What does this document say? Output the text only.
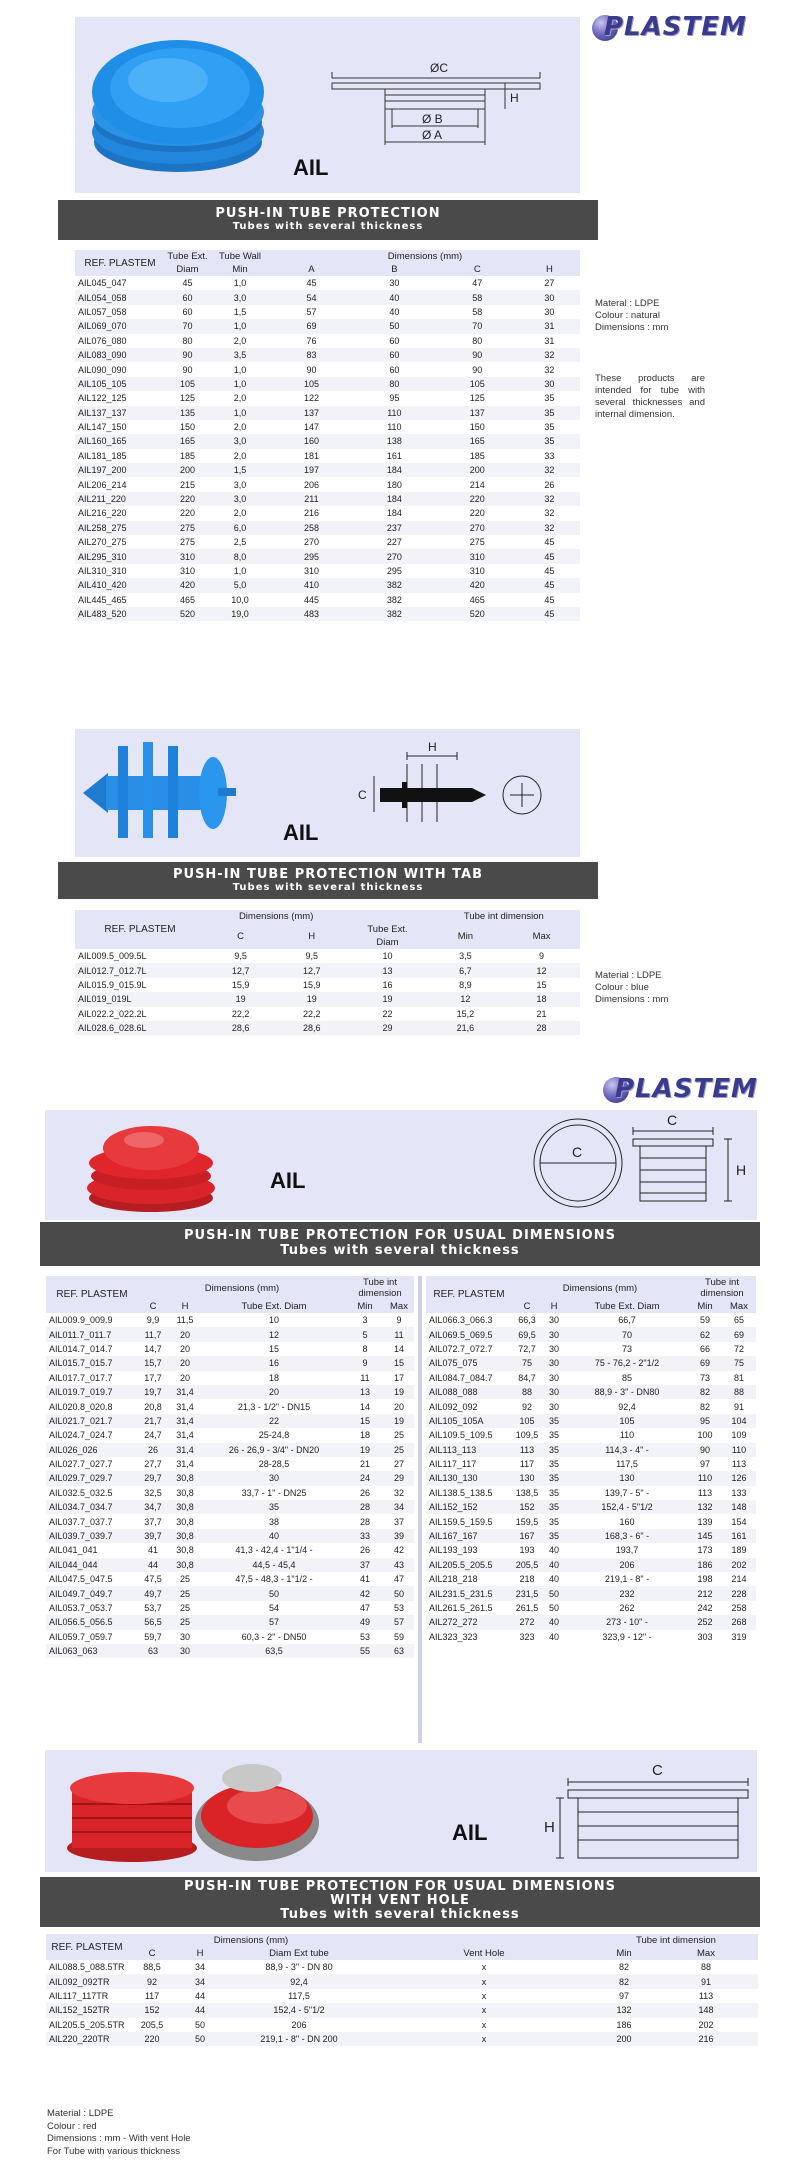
PLASTEM
AIL
ØC
H
Ø B
Ø A
PUSH-IN TUBE PROTECTION
Tubes with several thickness
REF. PLASTEM	Tube Ext.	Tube Wall	Dimensions (mm)			
	Diam	Min	A	B	C	H
AIL045_047	45	1,0	45	30	47	27
AIL054_058	60	3,0	54	40	58	30
AIL057_058	60	1,5	57	40	58	30
AIL069_070	70	1,0	69	50	70	31
AIL076_080	80	2,0	76	60	80	31
AIL083_090	90	3,5	83	60	90	32
AIL090_090	90	1,0	90	60	90	32
AIL105_105	105	1,0	105	80	105	30
AIL122_125	125	2,0	122	95	125	35
AIL137_137	135	1,0	137	110	137	35
AIL147_150	150	2,0	147	110	150	35
AIL160_165	165	3,0	160	138	165	35
AIL181_185	185	2,0	181	161	185	33
AIL197_200	200	1,5	197	184	200	32
AIL206_214	215	3,0	206	180	214	26
AIL211_220	220	3,0	211	184	220	32
AIL216_220	220	2,0	216	184	220	32
AIL258_275	275	6,0	258	237	270	32
AIL270_275	275	2,5	270	227	275	45
AIL295_310	310	8,0	295	270	310	45
AIL310_310	310	1,0	310	295	310	45
AIL410_420	420	5,0	410	382	420	45
AIL445_465	465	10,0	445	382	465	45
AIL483_520	520	19,0	483	382	520	45
Materal : LDPE
Colour : natural
Dimensions : mm
These products are intended for tube with several thicknesses and internal dimension.
AIL
H
C
PUSH-IN TUBE PROTECTION WITH TAB
Tubes with several thickness
REF. PLASTEM	Dimensions (mm)			Tube int dimension	
	C	H	Tube Ext.	Min	Max
			Diam		
AIL009.5_009.5L	9,5	9,5	10	3,5	9
AIL012.7_012.7L	12,7	12,7	13	6,7	12
AIL015.9_015.9L	15,9	15,9	16	8,9	15
AIL019_019L	19	19	19	12	18
AIL022.2_022.2L	22,2	22,2	22	15,2	21
AIL028.6_028.6L	28,6	28,6	29	21,6	28
Material : LDPE
Colour : blue
Dimensions : mm
PLASTEM
AIL
C
C
H
PUSH-IN TUBE PROTECTION FOR USUAL DIMENSIONS
Tubes with several thickness
REF. PLASTEM	Dimensions (mm)			Tube int dimension	
	C	H	Tube Ext. Diam	Min	Max
AIL009.9_009.9	9,9	11,5	10	3	9
AIL011.7_011.7	11,7	20	12	5	11
AIL014.7_014.7	14,7	20	15	8	14
AIL015.7_015.7	15,7	20	16	9	15
AIL017.7_017.7	17,7	20	18	11	17
AIL019.7_019.7	19,7	31,4	20	13	19
AIL020.8_020.8	20,8	31,4	21,3 - 1/2" - DN15	14	20
AIL021.7_021.7	21,7	31,4	22	15	19
AIL024.7_024.7	24,7	31,4	25-24,8	18	25
AIL026_026	26	31,4	26 - 26,9 - 3/4" - DN20	19	25
AIL027.7_027.7	27,7	31,4	28-28,5	21	27
AIL029.7_029.7	29,7	30,8	30	24	29
AIL032.5_032.5	32,5	30,8	33,7 - 1" - DN25	26	32
AIL034.7_034.7	34,7	30,8	35	28	34
AIL037.7_037.7	37,7	30,8	38	28	37
AIL039.7_039.7	39,7	30,8	40	33	39
AIL041_041	41	30,8	41,3 - 42,4 - 1"1/4 -	26	42
AIL044_044	44	30,8	44,5 - 45,4	37	43
AIL047.5_047.5	47,5	25	47,5 - 48,3 - 1"1/2 -	41	47
AIL049.7_049.7	49,7	25	50	42	50
AIL053.7_053.7	53,7	25	54	47	53
AIL056.5_056.5	56,5	25	57	49	57
AIL059.7_059.7	59,7	30	60,3 - 2" - DN50	53	59
AIL063_063	63	30	63,5	55	63
REF. PLASTEM	Dimensions (mm)			Tube int dimension	
	C	H	Tube Ext. Diam	Min	Max
AIL066.3_066.3	66,3	30	66,7	59	65
AIL069.5_069.5	69,5	30	70	62	69
AIL072.7_072.7	72,7	30	73	66	72
AIL075_075	75	30	75 - 76,2 - 2"1/2	69	75
AIL084.7_084.7	84,7	30	85	73	81
AIL088_088	88	30	88,9 - 3" - DN80	82	88
AIL092_092	92	30	92,4	82	91
AIL105_105A	105	35	105	95	104
AIL109.5_109.5	109,5	35	110	100	109
AIL113_113	113	35	114,3 - 4" -	90	110
AIL117_117	117	35	117,5	97	113
AIL130_130	130	35	130	110	126
AIL138.5_138.5	138,5	35	139,7 - 5" -	113	133
AIL152_152	152	35	152,4 - 5"1/2	132	148
AIL159.5_159.5	159,5	35	160	139	154
AIL167_167	167	35	168,3 - 6" -	145	161
AIL193_193	193	40	193,7	173	189
AIL205.5_205.5	205,5	40	206	186	202
AIL218_218	218	40	219,1 - 8" -	198	214
AIL231.5_231.5	231,5	50	232	212	228
AIL261.5_261.5	261,5	50	262	242	258
AIL272_272	272	40	273 - 10" -	252	268
AIL323_323	323	40	323,9 - 12" -	303	319
AIL
C
H
PUSH-IN TUBE PROTECTION FOR USUAL DIMENSIONS
WITH VENT HOLE
Tubes with several thickness
REF. PLASTEM	Dimensions (mm)				Tube int dimension	
	C	H	Diam Ext tube	Vent Hole	Min	Max
AIL088.5_088.5TR	88,5	34	88,9 - 3" - DN 80	x	82	88
AIL092_092TR	92	34	92,4	x	82	91
AIL117_117TR	117	44	117,5	x	97	113
AIL152_152TR	152	44	152,4 - 5"1/2	x	132	148
AIL205.5_205.5TR	205,5	50	206	x	186	202
AIL220_220TR	220	50	219,1 - 8" - DN 200	x	200	216
Material : LDPE
Colour : red
Dimensions : mm - With vent Hole
For Tube with various thickness
